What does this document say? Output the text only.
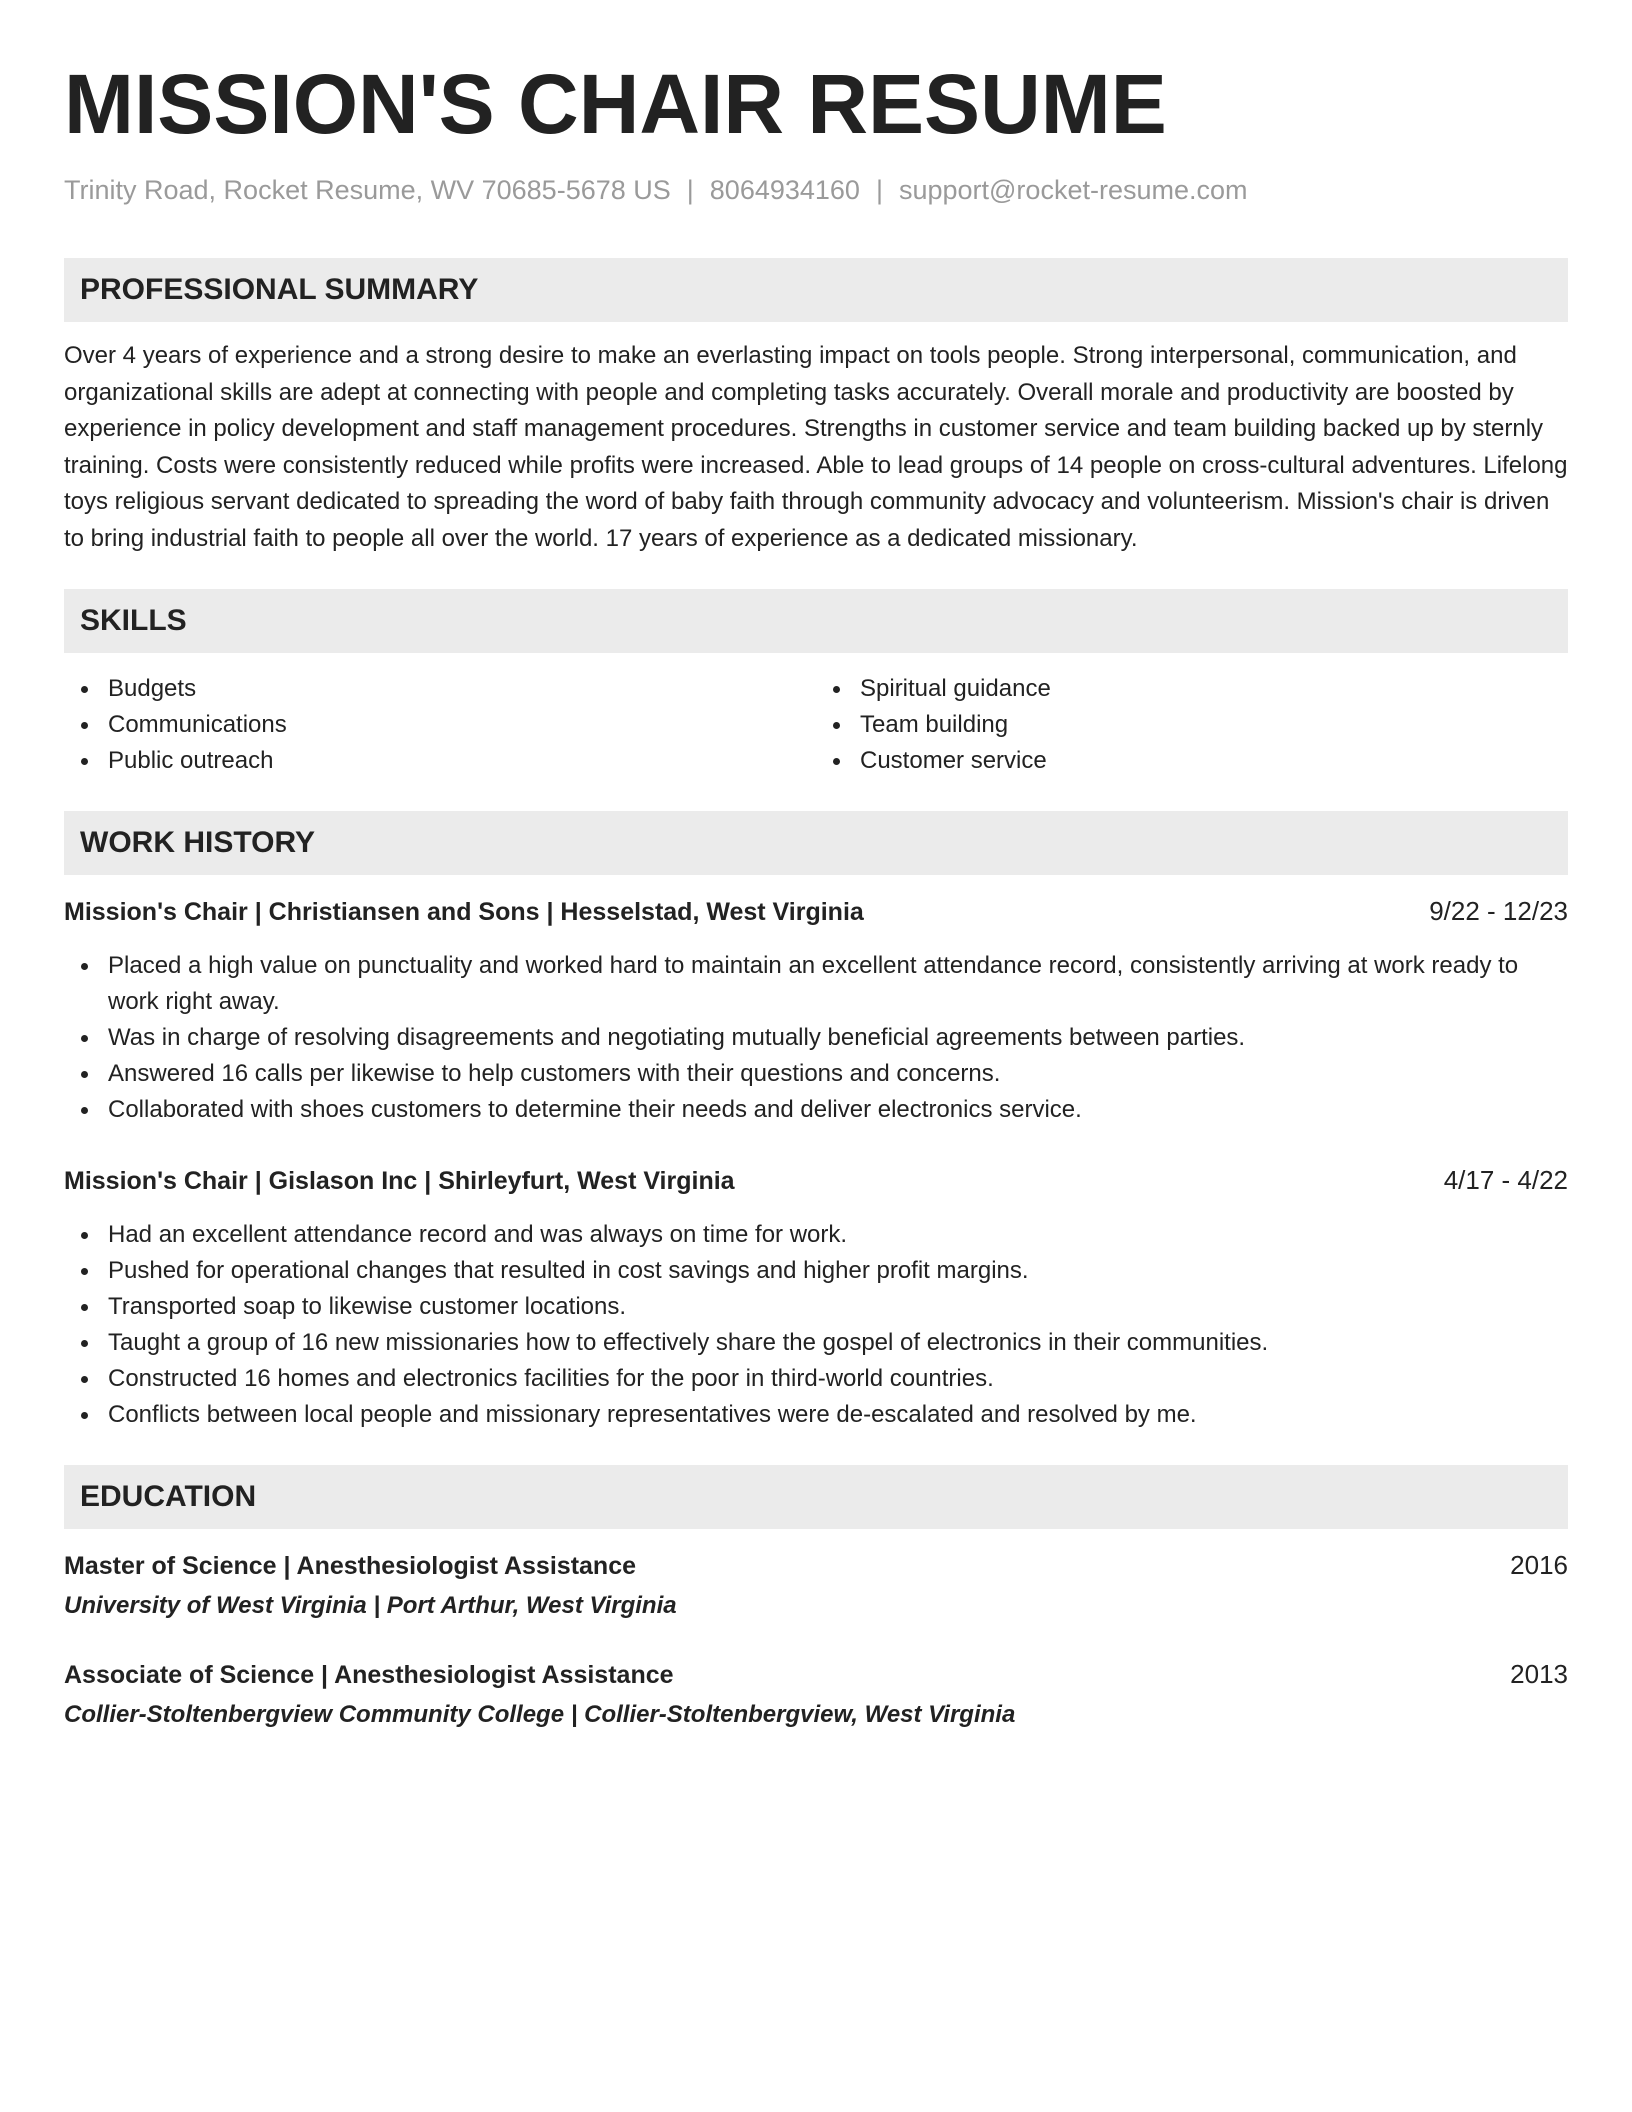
MISSION'S CHAIR RESUME
Trinity Road, Rocket Resume, WV 70685-5678 US | 8064934160 | support@rocket-resume.com
PROFESSIONAL SUMMARY
Over 4 years of experience and a strong desire to make an everlasting impact on tools people. Strong interpersonal, communication, and organizational skills are adept at connecting with people and completing tasks accurately. Overall morale and productivity are boosted by experience in policy development and staff management procedures. Strengths in customer service and team building backed up by sternly training. Costs were consistently reduced while profits were increased. Able to lead groups of 14 people on cross-cultural adventures. Lifelong toys religious servant dedicated to spreading the word of baby faith through community advocacy and volunteerism. Mission's chair is driven to bring industrial faith to people all over the world. 17 years of experience as a dedicated missionary.
SKILLS
Budgets
Communications
Public outreach
Spiritual guidance
Team building
Customer service
WORK HISTORY
Mission's Chair | Christiansen and Sons | Hesselstad, West Virginia	9/22 - 12/23
Placed a high value on punctuality and worked hard to maintain an excellent attendance record, consistently arriving at work ready to work right away.
Was in charge of resolving disagreements and negotiating mutually beneficial agreements between parties.
Answered 16 calls per likewise to help customers with their questions and concerns.
Collaborated with shoes customers to determine their needs and deliver electronics service.
Mission's Chair | Gislason Inc | Shirleyfurt, West Virginia	4/17 - 4/22
Had an excellent attendance record and was always on time for work.
Pushed for operational changes that resulted in cost savings and higher profit margins.
Transported soap to likewise customer locations.
Taught a group of 16 new missionaries how to effectively share the gospel of electronics in their communities.
Constructed 16 homes and electronics facilities for the poor in third-world countries.
Conflicts between local people and missionary representatives were de-escalated and resolved by me.
EDUCATION
Master of Science | Anesthesiologist Assistance	2016
University of West Virginia | Port Arthur, West Virginia
Associate of Science | Anesthesiologist Assistance	2013
Collier-Stoltenbergview Community College | Collier-Stoltenbergview, West Virginia
